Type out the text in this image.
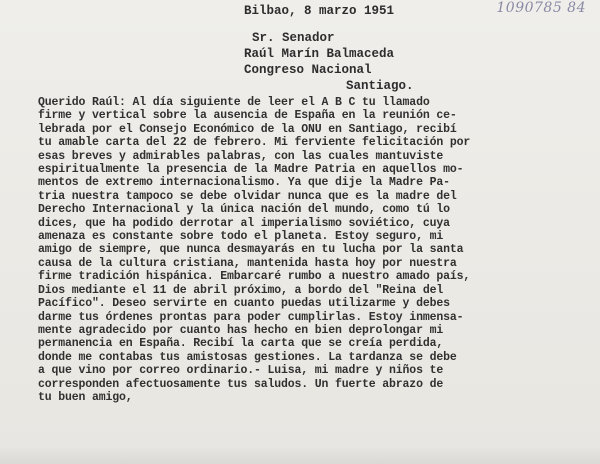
1090785 84
Bilbao, 8 marzo 1951
Sr. Senador
Raúl Marín Balmaceda
Congreso Nacional
Santiago.
Querido Raúl: Al día siguiente de leer el A B C tu llamado
firme y vertical sobre la ausencia de España en la reunión ce-
lebrada por el Consejo Económico de la ONU en Santiago, recibí
tu amable carta del 22 de febrero. Mi ferviente felicitación por
esas breves y admirables palabras, con las cuales mantuviste
espiritualmente la presencia de la Madre Patria en aquellos mo-
mentos de extremo internacionalismo. Ya que dije la Madre Pa-
tria nuestra tampoco se debe olvidar nunca que es la madre del
Derecho Internacional y la única nación del mundo, como tú lo
dices, que ha podido derrotar al imperialismo soviético, cuya
amenaza es constante sobre todo el planeta. Estoy seguro, mi
amigo de siempre, que nunca desmayarás en tu lucha por la santa
causa de la cultura cristiana, mantenida hasta hoy por nuestra
firme tradición hispánica. Embarcaré rumbo a nuestro amado país,
Dios mediante el 11 de abril próximo, a bordo del "Reina del
Pacífico". Deseo servirte en cuanto puedas utilizarme y debes
darme tus órdenes prontas para poder cumplirlas. Estoy inmensa-
mente agradecido por cuanto has hecho en bien deprolongar mi
permanencia en España. Recibí la carta que se creía perdida,
donde me contabas tus amistosas gestiones. La tardanza se debe
a que vino por correo ordinario.- Luisa, mi madre y niños te
corresponden afectuosamente tus saludos. Un fuerte abrazo de
tu buen amigo,
